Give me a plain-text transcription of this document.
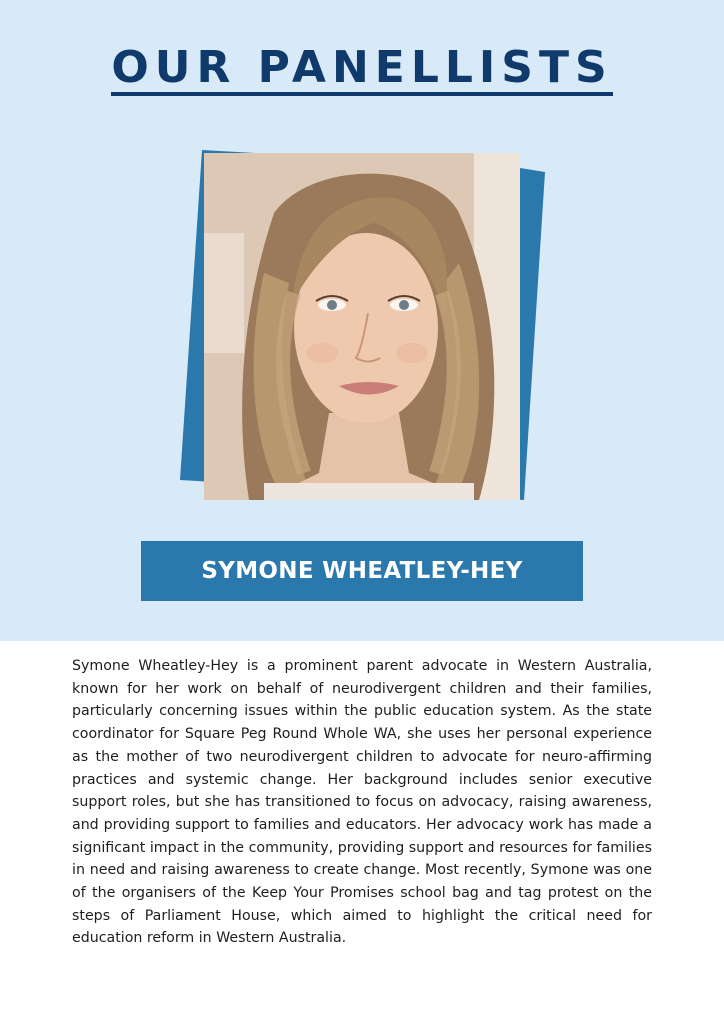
OUR PANELLISTS
SYMONE WHEATLEY-HEY

Symone Wheatley-Hey is a prominent parent advocate in Western Australia, known for her work on behalf of neurodivergent children and their families, particularly concerning issues within the public education system. As the state coordinator for Square Peg Round Whole WA, she uses her personal experience as the mother of two neurodivergent children to advocate for neuro-affirming practices and systemic change. Her background includes senior executive support roles, but she has transitioned to focus on advocacy, raising awareness, and providing support to families and educators. Her advocacy work has made a significant impact in the community, providing support and resources for families in need and raising awareness to create change. Most recently, Symone was one of the organisers of the Keep Your Promises school bag and tag protest on the steps of Parliament House, which aimed to highlight the critical need for education reform in Western Australia.
